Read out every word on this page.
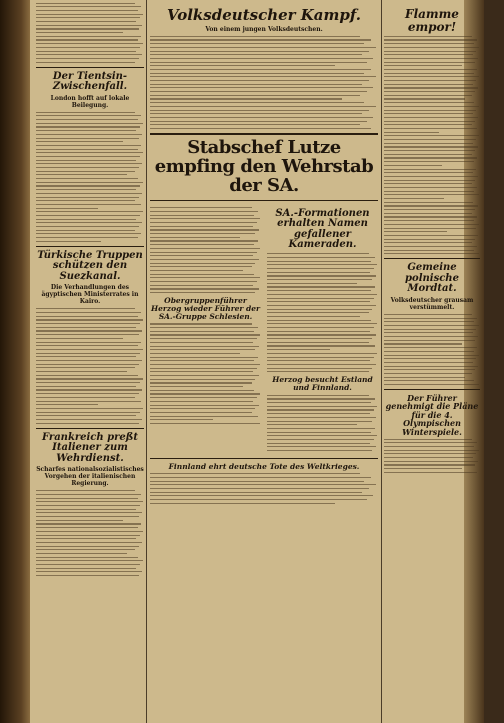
Der Tientsin-Zwischenfall.
London hofft auf lokale Beilegung.
Türkische Truppen schützen den Suezkanal.
Die Verhandlungen des ägyptischen Ministerrates in Kairo.
Frankreich preßt Italiener zum Wehrdienst.
Scharfes nationalsozialistisches Vorgehen der italienischen Regierung.
Volksdeutscher Kampf.
Von einem jungen Volksdeutschen.
Stabschef Lutze empfing den Wehrstab der SA.
Obergruppenführer Herzog wieder Führer der SA.-Gruppe Schlesien.
SA.-Formationen erhalten Namen gefallener Kameraden.
Herzog besucht Estland und Finnland.
Finnland ehrt deutsche Tote des Weltkrieges.
Flamme empor!
Gemeine polnische Mordtat.
Volksdeutscher grausam verstümmelt.
Der Führer genehmigt die Pläne für die 4. Olympischen Winterspiele.
